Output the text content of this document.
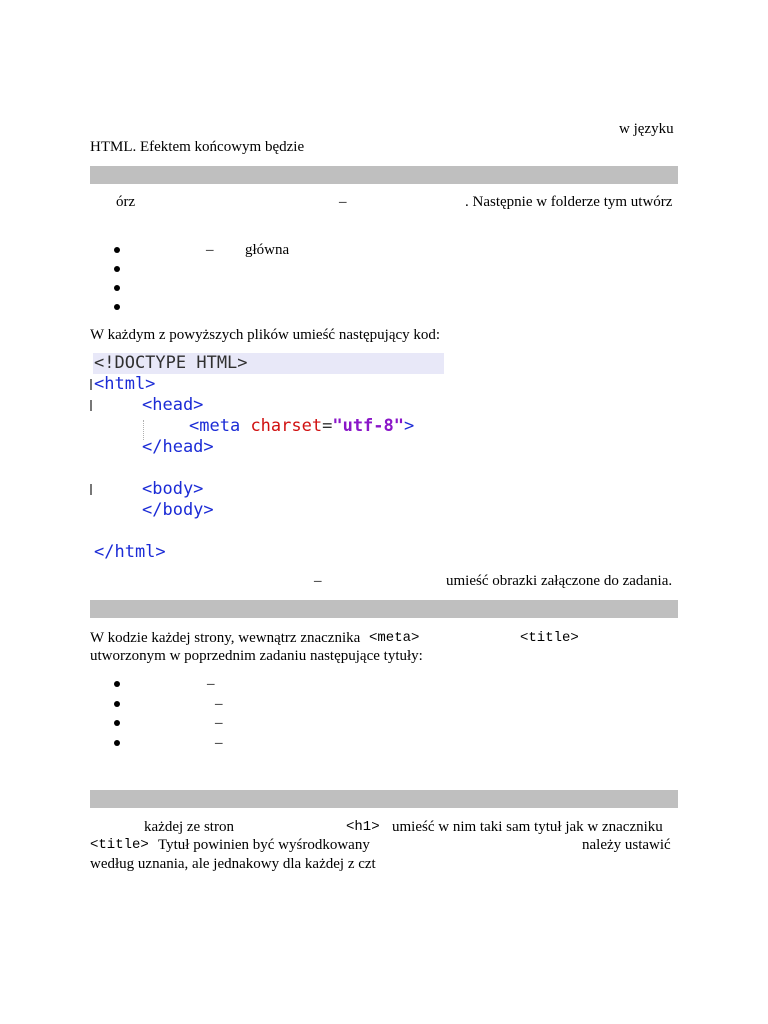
w języku
HTML. Efektem końcowym będzie
órz	–	. Następnie w folderze tym utwórz
– główna
W każdym z powyższych plików umieść następujący kod:
<!DOCTYPE HTML>
<html>
<head>
<meta charset="utf-8">
</head>
<body>
</body>
</html>
–	umieść obrazki załączone do zadania.
W kodzie każdej strony, wewnątrz znacznika <meta>	<title>
utworzonym w poprzednim zadaniu następujące tytuły:
–
–
–
–
każdej ze stron	<h1> umieść w nim taki sam tytuł jak w znaczniku
<title> Tytuł powinien być wyśrodkowany	należy ustawić
według uznania, ale jednakowy dla każdej z czt
